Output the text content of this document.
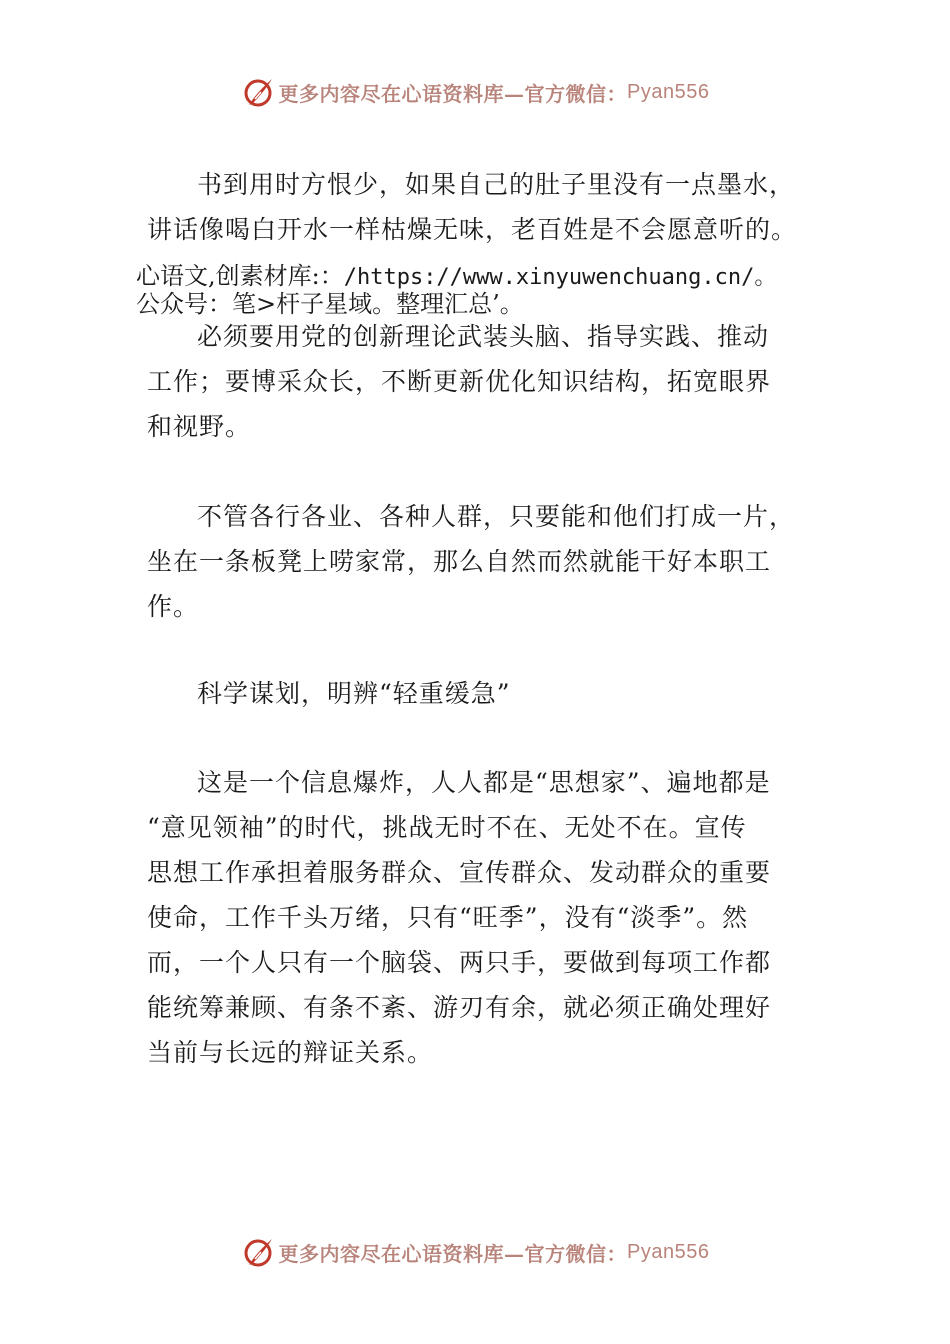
更多内容尽在心语资料库—官方微信： Pyan556
书到用时方恨少，如果自己的肚子里没有一点墨水，
讲话像喝白开水一样枯燥无味，老百姓是不会愿意听的。
心语文,创素材库:：/https://www.xinyuwenchuang.cn/。
公众号：笔>杆子星域。整理汇总’。
必须要用党的创新理论武装头脑、指导实践、推动
工作；要博采众长，不断更新优化知识结构，拓宽眼界
和视野。
不管各行各业、各种人群，只要能和他们打成一片，
坐在一条板凳上唠家常，那么自然而然就能干好本职工
作。
科学谋划，明辨“轻重缓急”
这是一个信息爆炸，人人都是“思想家”、遍地都是
“意见领袖”的时代，挑战无时不在、无处不在。宣传
思想工作承担着服务群众、宣传群众、发动群众的重要
使命，工作千头万绪，只有“旺季”，没有“淡季”。然
而，一个人只有一个脑袋、两只手，要做到每项工作都
能统筹兼顾、有条不紊、游刃有余，就必须正确处理好
当前与长远的辩证关系。
更多内容尽在心语资料库—官方微信： Pyan556
